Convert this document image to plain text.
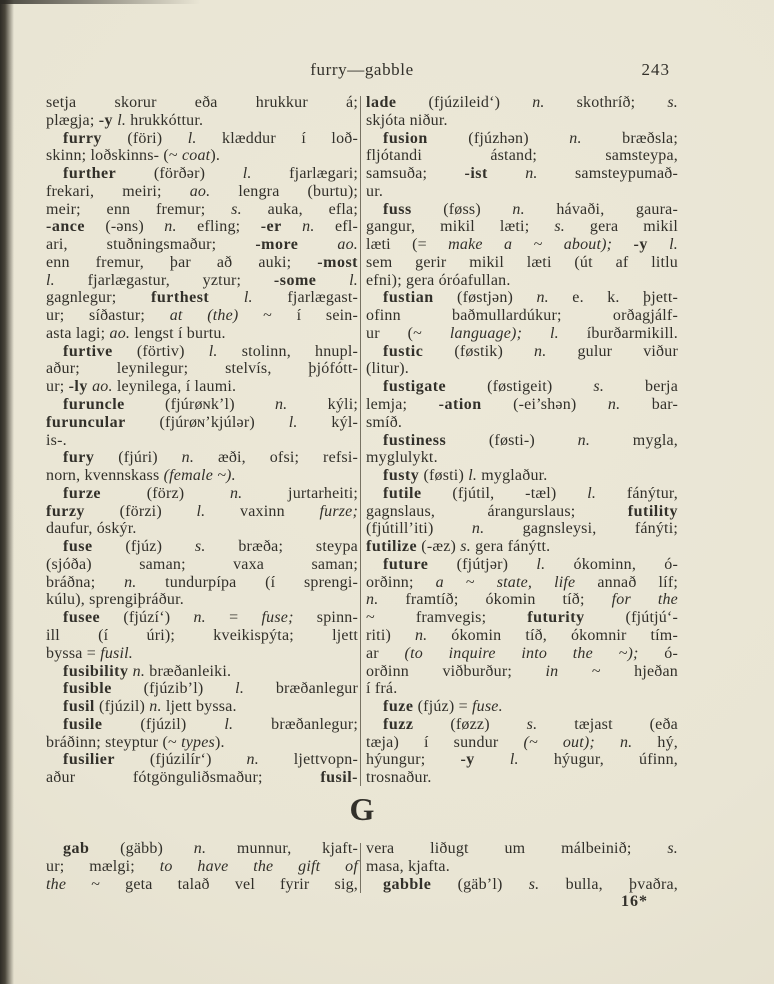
furry—gabble	243
setja skorur eða hrukkur á;
plægja; -y l. hrukkóttur.
furry (föri) l. klæddur í loð-
skinn; loðskinns- (~ coat).
further (förðər) l. fjarlægari;
frekari, meiri; ao. lengra (burtu);
meir; enn fremur; s. auka, efla;
-ance (-əns) n. efling; -er n. efl-
ari, stuðningsmaður; -more ao.
enn fremur, þar að auki; -most
l. fjarlægastur, yztur; -some l.
gagnlegur; furthest l. fjarlægast-
ur; síðastur; at (the) ~ í sein-
asta lagi; ao. lengst í burtu.
furtive (förtiv) l. stolinn, hnupl-
aður; leynilegur; stelvís, þjófótt-
ur; -ly ao. leynilega, í laumi.
furuncle (fjúrøɴk’l) n. kýli;
furuncular (fjúrøɴ’kjúlər) l. kýl-
is-.
fury (fjúri) n. æði, ofsi; refsi-
norn, kvennskass (female ~).
furze (förz) n. jurtarheiti;
furzy (förzi) l. vaxinn furze;
daufur, óskýr.
fuse (fjúz) s. bræða; steypa
(sjóða) saman; vaxa saman;
bráðna; n. tundurpípa (í sprengi-
kúlu), sprengiþráður.
fusee (fjúzí‘) n. = fuse; spinn-
ill (í úri); kveikispýta; ljett
byssa = fusil.
fusibility n. bræðanleiki.
fusible (fjúzib’l) l. bræðanlegur
fusil (fjúzil) n. ljett byssa.
fusile (fjúzil) l. bræðanlegur;
bráðinn; steyptur (~ types).
fusilier (fjúzilír‘) n. ljettvopn-
aður fótgönguliðsmaður; fusil-
lade (fjúzileid‘) n. skothríð; s.
skjóta niður.
fusion (fjúzhən) n. bræðsla;
fljótandi ástand; samsteypa,
samsuða; -ist n. samsteypumað-
ur.
fuss (føss) n. hávaði, gaura-
gangur, mikil læti; s. gera mikil
læti (= make a ~ about); -y l.
sem gerir mikil læti (út af litlu
efni); gera óróafullan.
fustian (føstjən) n. e. k. þjett-
ofinn baðmullardúkur; orðagjálf-
ur (~ language); l. íburðarmikill.
fustic (føstik) n. gulur viður
(litur).
fustigate (føstigeit) s. berja
lemja; -ation (-ei’shən) n. bar-
smíð.
fustiness (føsti-) n. mygla,
myglulykt.
fusty (føsti) l. myglaður.
futile (fjútil, -tæl) l. fánýtur,
gagnslaus, árangurslaus; futility
(fjútill’iti) n. gagnsleysi, fánýti;
futilize (-æz) s. gera fánýtt.
future (fjútjər) l. ókominn, ó-
orðinn; a ~ state, life annað líf;
n. framtíð; ókomin tíð; for the
~ framvegis; futurity (fjútjú‘-
riti) n. ókomin tíð, ókomnir tím-
ar (to inquire into the ~); ó-
orðinn viðburður; in ~ hjeðan
í frá.
fuze (fjúz) = fuse.
fuzz (føzz) s. tæjast (eða
tæja) í sundur (~ out); n. hý,
hýungur; -y l. hýugur, úfinn,
trosnaður.
G
gab (gäbb) n. munnur, kjaft-
ur; mælgi; to have the gift of
the ~ geta talað vel fyrir sig,
vera liðugt um málbeinið; s.
masa, kjafta.
gabble (gäb’l) s. bulla, þvaðra,
16*
